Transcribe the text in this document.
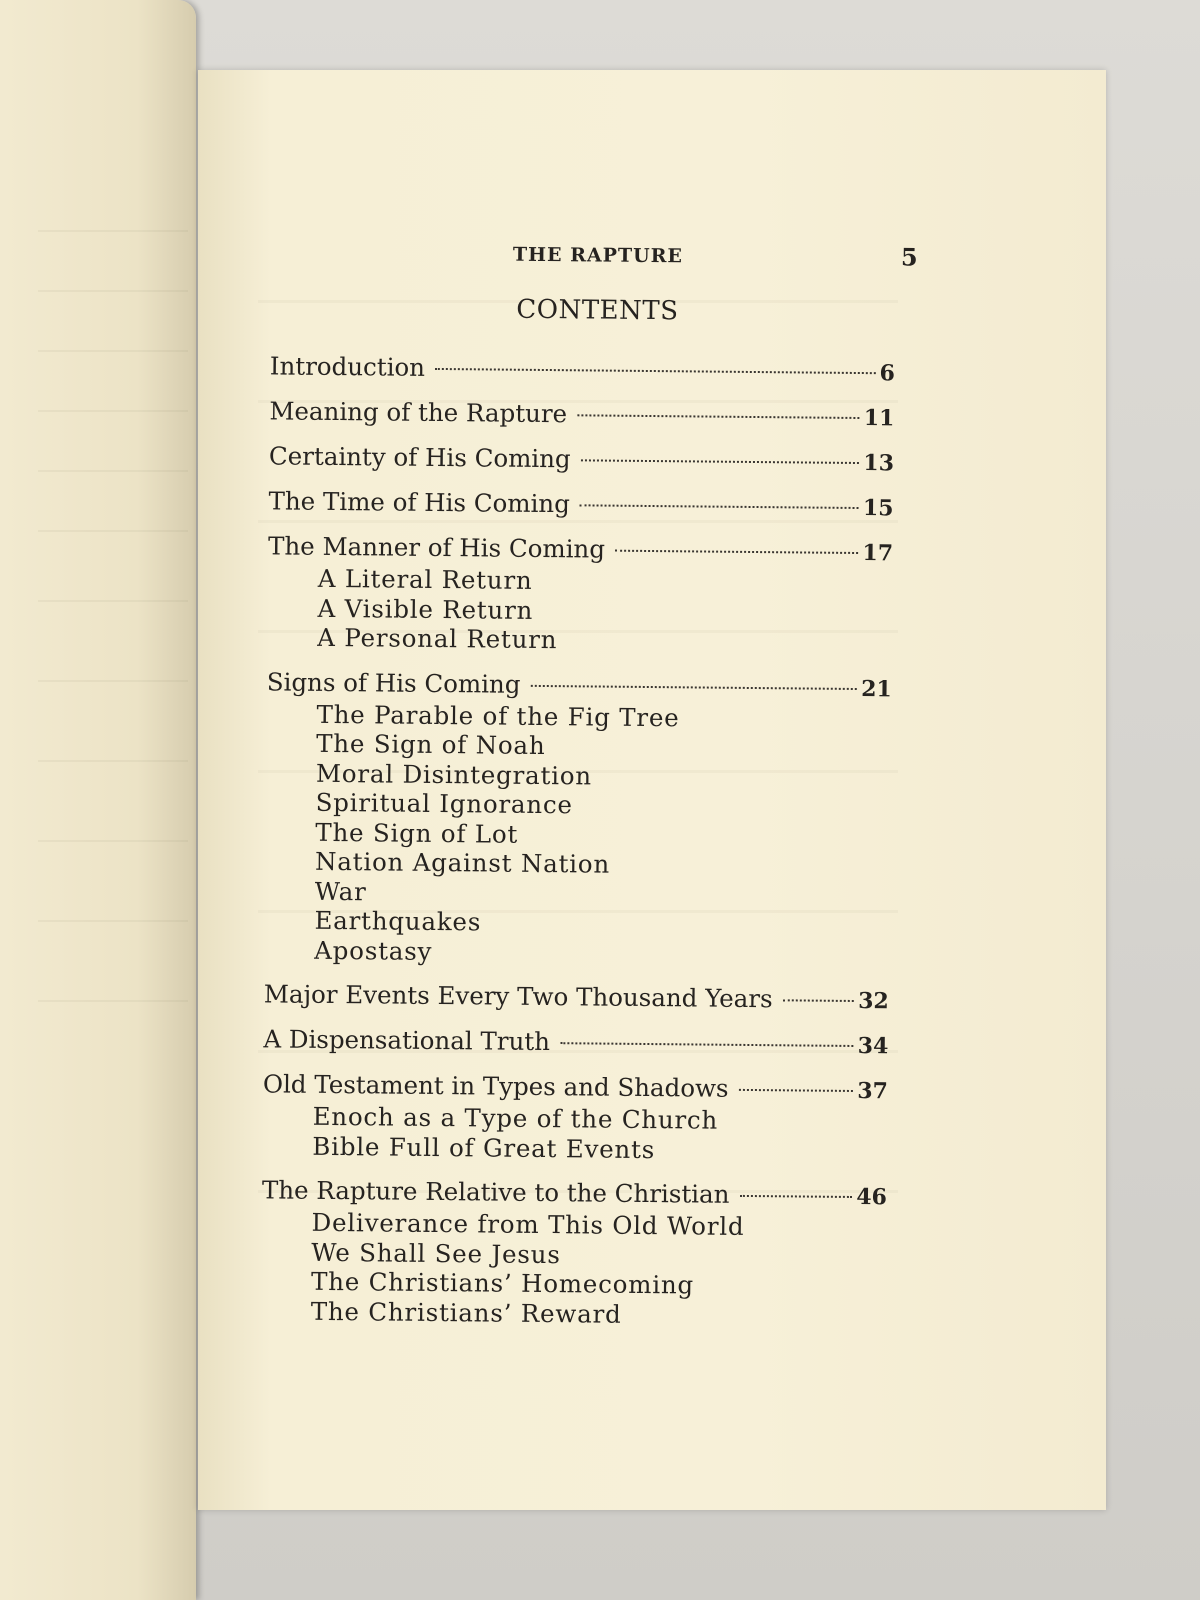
THE RAPTURE	5
CONTENTS
Introduction	6
Meaning of the Rapture	11
Certainty of His Coming	13
The Time of His Coming	15
The Manner of His Coming	17
A Literal Return
A Visible Return
A Personal Return
Signs of His Coming	21
The Parable of the Fig Tree
The Sign of Noah
Moral Disintegration
Spiritual Ignorance
The Sign of Lot
Nation Against Nation
War
Earthquakes
Apostasy
Major Events Every Two Thousand Years	32
A Dispensational Truth	34
Old Testament in Types and Shadows	37
Enoch as a Type of the Church
Bible Full of Great Events
The Rapture Relative to the Christian	46
Deliverance from This Old World
We Shall See Jesus
The Christians’ Homecoming
The Christians’ Reward
